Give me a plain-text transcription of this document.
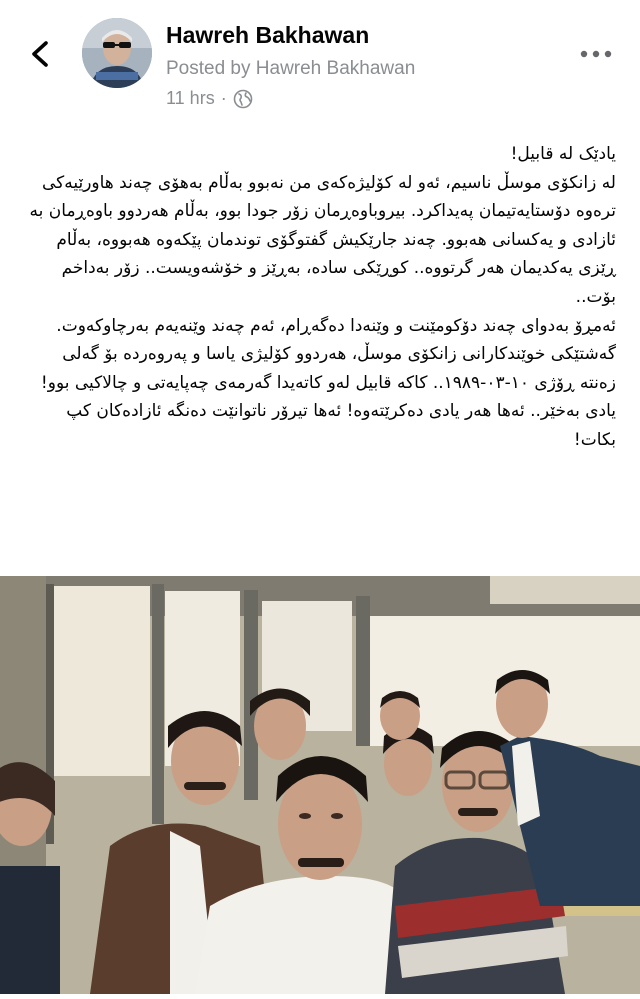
Hawreh Bakhawan
Posted by Hawreh Bakhawan
11 hrs ·

یادێک لە قابیل!
لە زانکۆی موسڵ ناسیم، ئەو لە کۆلیژەکەی من نەبوو بەڵام بەهۆی چەند هاورێیەکی ترەوە دۆستایەتیمان پەیداکرد. بیروباوەڕمان زۆر جودا بوو، بەڵام هەردوو باوەڕمان بە ئازادی و یەکسانی هەبوو. چەند جارێکیش گفتوگۆی توندمان پێکەوە هەبووە، بەڵام ڕێزی یەکدیمان هەر گرتووە.. کوڕێکی سادە، بەڕێز و خۆشەویست.. زۆر بەداخم بۆت..

ئەمڕۆ بەدوای چەند دۆکومێنت و وێنەدا دەگەڕام، ئەم چەند وێنەیەم بەرچاوکەوت. گەشتێکی خوێندکارانی زانکۆی موسڵ، هەردوو کۆلیژی یاسا و پەروەردە بۆ گەلی زەنتە ڕۆژی ١٠-٠٣-١٩٨٩.. کاکە قابیل لەو کاتەیدا گەرمەی چەپایەتی و چالاکیی بوو! یادی بەخێر.. ئەها هەر یادی دەکرێتەوە! ئەها تیرۆر ناتوانێت دەنگە ئازادەکان کپ بکات!
